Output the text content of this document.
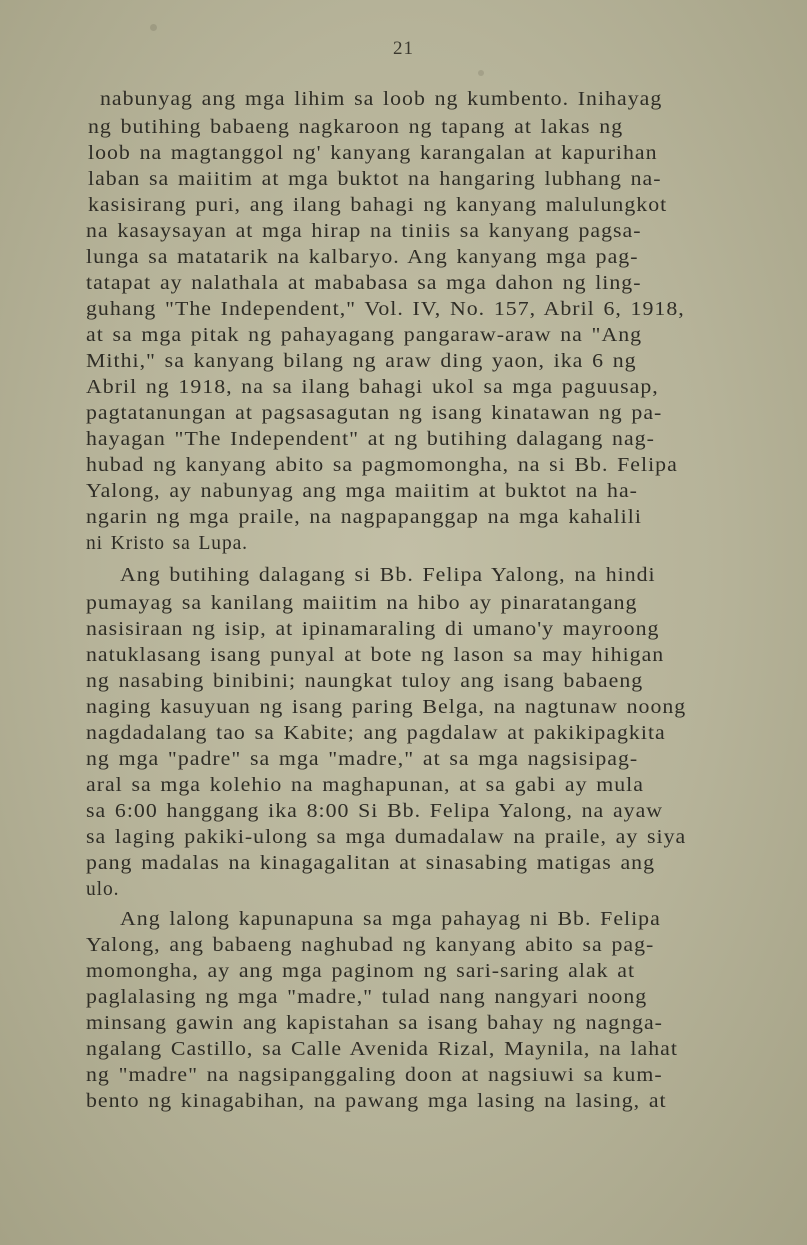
21
nabunyag ang mga lihim sa loob ng kumbento. Inihayag
ng butihing babaeng nagkaroon ng tapang at lakas ng
loob na magtanggol ng' kanyang karangalan at kapurihan
laban sa maiitim at mga buktot na hangaring lubhang na-
kasisirang puri, ang ilang bahagi ng kanyang malulungkot
na kasaysayan at mga hirap na tiniis sa kanyang pagsa-
lunga sa matatarik na kalbaryo. Ang kanyang mga pag-
tatapat ay nalathala at mababasa sa mga dahon ng ling-
guhang "The Independent," Vol. IV, No. 157, Abril 6, 1918,
at sa mga pitak ng pahayagang pangaraw-araw na "Ang
Mithi," sa kanyang bilang ng araw ding yaon, ika 6 ng
Abril ng 1918, na sa ilang bahagi ukol sa mga paguusap,
pagtatanungan at pagsasagutan ng isang kinatawan ng pa-
hayagan "The Independent" at ng butihing dalagang nag-
hubad ng kanyang abito sa pagmomongha, na si Bb. Felipa
Yalong, ay nabunyag ang mga maiitim at buktot na ha-
ngarin ng mga praile, na nagpapanggap na mga kahalili
ni Kristo sa Lupa.
Ang butihing dalagang si Bb. Felipa Yalong, na hindi
pumayag sa kanilang maiitim na hibo ay pinaratangang
nasisiraan ng isip, at ipinamaraling di umano'y mayroong
natuklasang isang punyal at bote ng lason sa may hihigan
ng nasabing binibini; naungkat tuloy ang isang babaeng
naging kasuyuan ng isang paring Belga, na nagtunaw noong
nagdadalang tao sa Kabite; ang pagdalaw at pakikipagkita
ng mga "padre" sa mga "madre," at sa mga nagsisipag-
aral sa mga kolehio na maghapunan, at sa gabi ay mula
sa 6:00 hanggang ika 8:00 Si Bb. Felipa Yalong, na ayaw
sa laging pakiki-ulong sa mga dumadalaw na praile, ay siya
pang madalas na kinagagalitan at sinasabing matigas ang
ulo.
Ang lalong kapunapuna sa mga pahayag ni Bb. Felipa
Yalong, ang babaeng naghubad ng kanyang abito sa pag-
momongha, ay ang mga paginom ng sari-saring alak at
paglalasing ng mga "madre," tulad nang nangyari noong
minsang gawin ang kapistahan sa isang bahay ng nagnga-
ngalang Castillo, sa Calle Avenida Rizal, Maynila, na lahat
ng "madre" na nagsipanggaling doon at nagsiuwi sa kum-
bento ng kinagabihan, na pawang mga lasing na lasing, at
